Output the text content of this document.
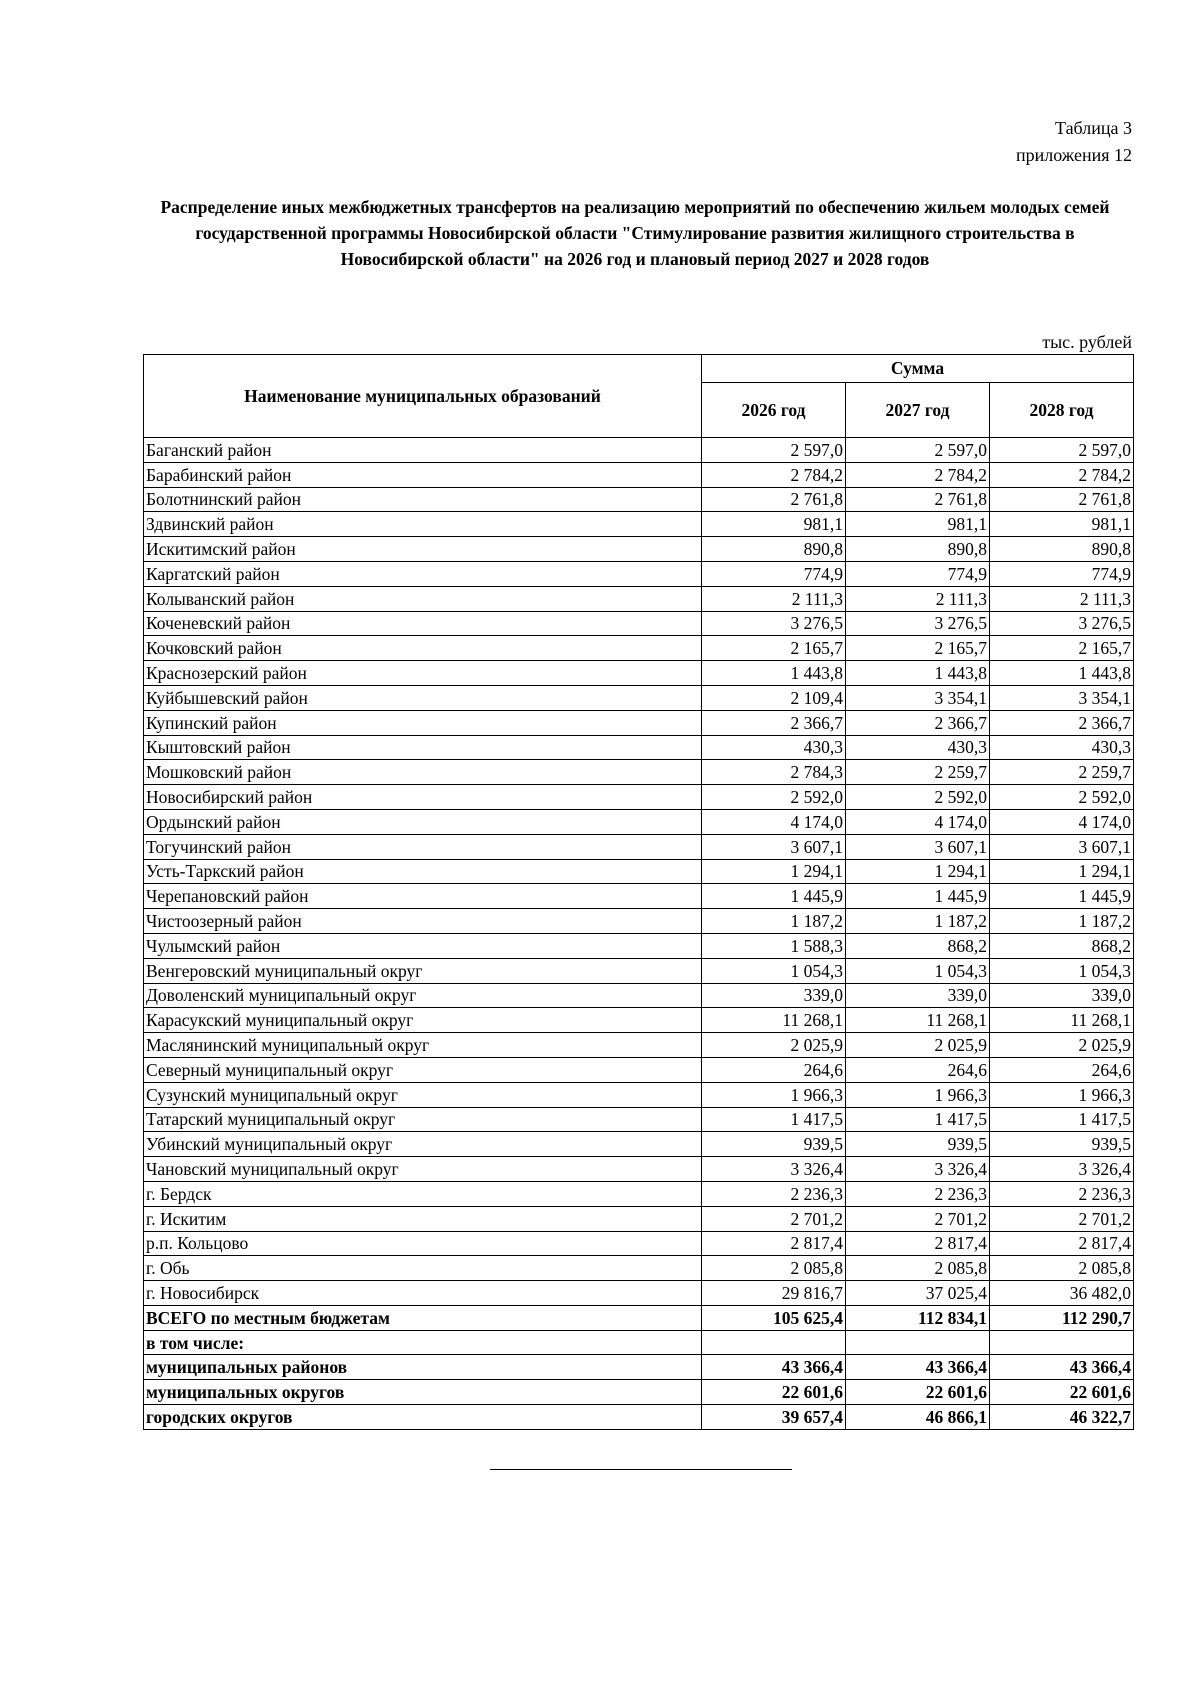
Таблица 3
приложения 12
Распределение иных межбюджетных трансфертов на реализацию мероприятий по обеспечению жильем молодых семей государственной программы Новосибирской области "Стимулирование развития жилищного строительства в Новосибирской области" на 2026 год и плановый период 2027 и 2028 годов
тыс. рублей
Наименование муниципальных образований	Сумма		
	2026 год	2027 год	2028 год
Баганский район	2 597,0	2 597,0	2 597,0
Барабинский район	2 784,2	2 784,2	2 784,2
Болотнинский район	2 761,8	2 761,8	2 761,8
Здвинский район	981,1	981,1	981,1
Искитимский район	890,8	890,8	890,8
Каргатский район	774,9	774,9	774,9
Колыванский район	2 111,3	2 111,3	2 111,3
Коченевский район	3 276,5	3 276,5	3 276,5
Кочковский район	2 165,7	2 165,7	2 165,7
Краснозерский район	1 443,8	1 443,8	1 443,8
Куйбышевский район	2 109,4	3 354,1	3 354,1
Купинский район	2 366,7	2 366,7	2 366,7
Кыштовский район	430,3	430,3	430,3
Мошковский район	2 784,3	2 259,7	2 259,7
Новосибирский район	2 592,0	2 592,0	2 592,0
Ордынский район	4 174,0	4 174,0	4 174,0
Тогучинский район	3 607,1	3 607,1	3 607,1
Усть-Таркский район	1 294,1	1 294,1	1 294,1
Черепановский район	1 445,9	1 445,9	1 445,9
Чистоозерный район	1 187,2	1 187,2	1 187,2
Чулымский район	1 588,3	868,2	868,2
Венгеровский муниципальный округ	1 054,3	1 054,3	1 054,3
Доволенский муниципальный округ	339,0	339,0	339,0
Карасукский муниципальный округ	11 268,1	11 268,1	11 268,1
Маслянинский муниципальный округ	2 025,9	2 025,9	2 025,9
Северный муниципальный округ	264,6	264,6	264,6
Сузунский муниципальный округ	1 966,3	1 966,3	1 966,3
Татарский муниципальный округ	1 417,5	1 417,5	1 417,5
Убинский муниципальный округ	939,5	939,5	939,5
Чановский муниципальный округ	3 326,4	3 326,4	3 326,4
г. Бердск	2 236,3	2 236,3	2 236,3
г. Искитим	2 701,2	2 701,2	2 701,2
р.п. Кольцово	2 817,4	2 817,4	2 817,4
г. Обь	2 085,8	2 085,8	2 085,8
г. Новосибирск	29 816,7	37 025,4	36 482,0
ВСЕГО по местным бюджетам	105 625,4	112 834,1	112 290,7
в том числе:			
муниципальных районов	43 366,4	43 366,4	43 366,4
муниципальных округов	22 601,6	22 601,6	22 601,6
городских округов	39 657,4	46 866,1	46 322,7
